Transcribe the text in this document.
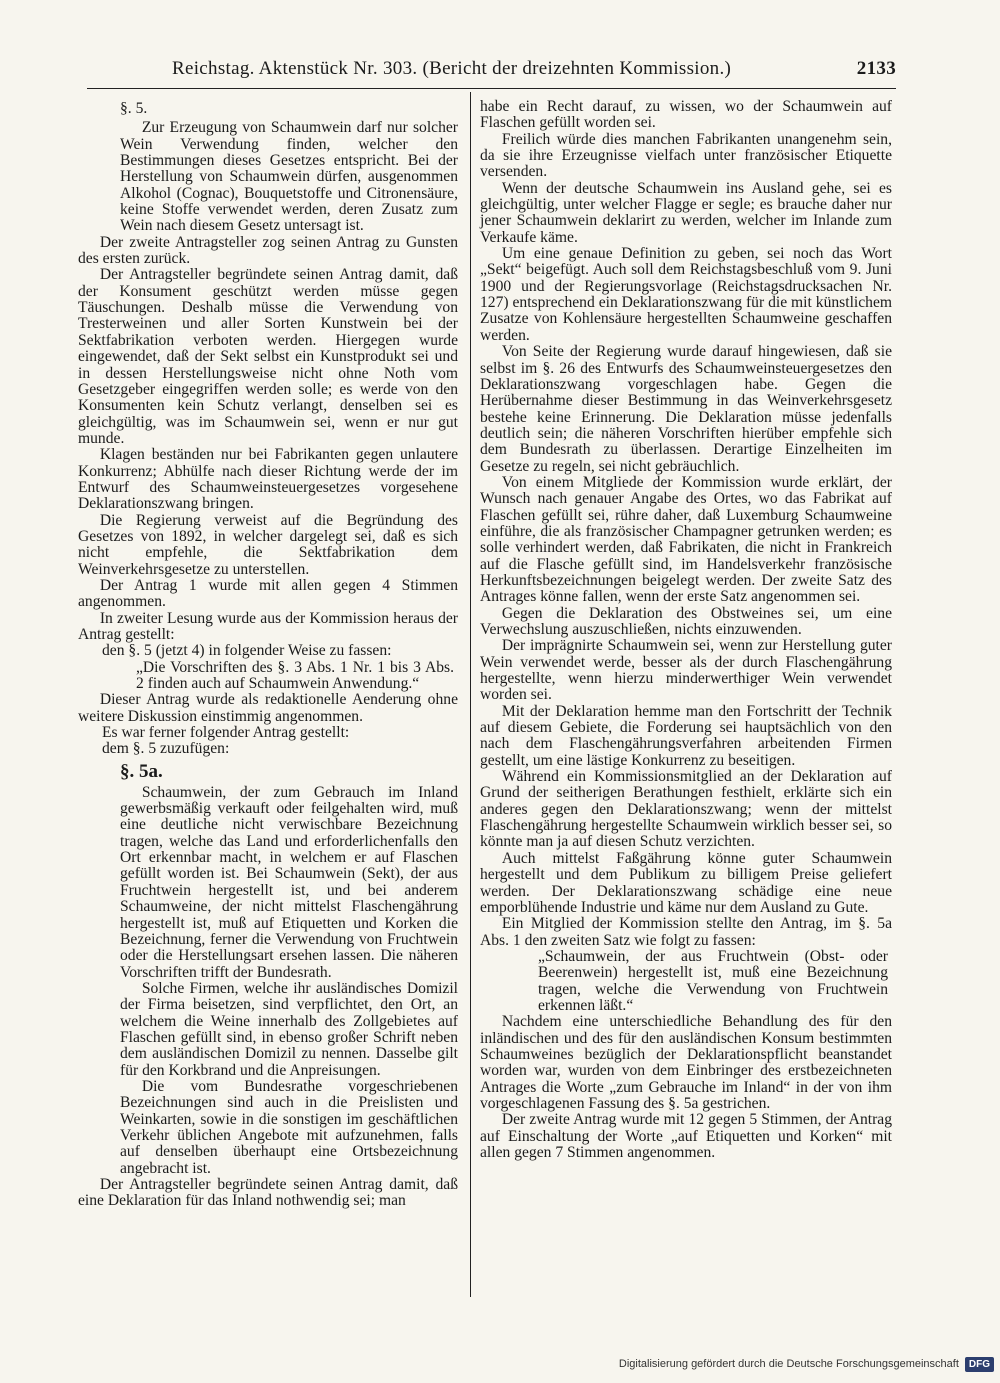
Reichstag. Aktenstück Nr. 303. (Bericht der dreizehnten Kommission.)	2133

§. 5.

Zur Erzeugung von Schaumwein darf nur solcher Wein Verwendung finden, welcher den Bestimmungen dieses Gesetzes entspricht. Bei der Herstellung von Schaumwein dürfen, ausgenommen Alkohol (Cognac), Bouquetstoffe und Citronensäure, keine Stoffe verwendet werden, deren Zusatz zum Wein nach diesem Gesetz untersagt ist.

Der zweite Antragsteller zog seinen Antrag zu Gunsten des ersten zurück.

Der Antragsteller begründete seinen Antrag damit, daß der Konsument geschützt werden müsse gegen Täuschungen. Deshalb müsse die Verwendung von Tresterweinen und aller Sorten Kunstwein bei der Sektfabrikation verboten werden. Hiergegen wurde eingewendet, daß der Sekt selbst ein Kunstprodukt sei und in dessen Herstellungsweise nicht ohne Noth vom Gesetzgeber eingegriffen werden solle; es werde von den Konsumenten kein Schutz verlangt, denselben sei es gleichgültig, was im Schaumwein sei, wenn er nur gut munde.

Klagen beständen nur bei Fabrikanten gegen unlautere Konkurrenz; Abhülfe nach dieser Richtung werde der im Entwurf des Schaumweinsteuergesetzes vorgesehene Deklarationszwang bringen.

Die Regierung verweist auf die Begründung des Gesetzes von 1892, in welcher dargelegt sei, daß es sich nicht empfehle, die Sektfabrikation dem Weinverkehrsgesetze zu unterstellen.

Der Antrag 1 wurde mit allen gegen 4 Stimmen angenommen.

In zweiter Lesung wurde aus der Kommission heraus der Antrag gestellt:

den §. 5 (jetzt 4) in folgender Weise zu fassen:

„Die Vorschriften des §. 3 Abs. 1 Nr. 1 bis 3 Abs. 2 finden auch auf Schaumwein Anwendung.“

Dieser Antrag wurde als redaktionelle Aenderung ohne weitere Diskussion einstimmig angenommen.

Es war ferner folgender Antrag gestellt:

dem §. 5 zuzufügen:

§. 5a.

Schaumwein, der zum Gebrauch im Inland gewerbsmäßig verkauft oder feilgehalten wird, muß eine deutliche nicht verwischbare Bezeichnung tragen, welche das Land und erforderlichenfalls den Ort erkennbar macht, in welchem er auf Flaschen gefüllt worden ist. Bei Schaumwein (Sekt), der aus Fruchtwein hergestellt ist, und bei anderem Schaumweine, der nicht mittelst Flaschengährung hergestellt ist, muß auf Etiquetten und Korken die Bezeichnung, ferner die Verwendung von Fruchtwein oder die Herstellungsart ersehen lassen. Die näheren Vorschriften trifft der Bundesrath.

Solche Firmen, welche ihr ausländisches Domizil der Firma beisetzen, sind verpflichtet, den Ort, an welchem die Weine innerhalb des Zollgebietes auf Flaschen gefüllt sind, in ebenso großer Schrift neben dem ausländischen Domizil zu nennen. Dasselbe gilt für den Korkbrand und die Anpreisungen.

Die vom Bundesrathe vorgeschriebenen Bezeichnungen sind auch in die Preislisten und Weinkarten, sowie in die sonstigen im geschäftlichen Verkehr üblichen Angebote mit aufzunehmen, falls auf denselben überhaupt eine Ortsbezeichnung angebracht ist.

Der Antragsteller begründete seinen Antrag damit, daß eine Deklaration für das Inland nothwendig sei; man

habe ein Recht darauf, zu wissen, wo der Schaumwein auf Flaschen gefüllt worden sei.

Freilich würde dies manchen Fabrikanten unangenehm sein, da sie ihre Erzeugnisse vielfach unter französischer Etiquette versenden.

Wenn der deutsche Schaumwein ins Ausland gehe, sei es gleichgültig, unter welcher Flagge er segle; es brauche daher nur jener Schaumwein deklarirt zu werden, welcher im Inlande zum Verkaufe käme.

Um eine genaue Definition zu geben, sei noch das Wort „Sekt“ beigefügt. Auch soll dem Reichstagsbeschluß vom 9. Juni 1900 und der Regierungsvorlage (Reichstagsdrucksachen Nr. 127) entsprechend ein Deklarationszwang für die mit künstlichem Zusatze von Kohlensäure hergestellten Schaumweine geschaffen werden.

Von Seite der Regierung wurde darauf hingewiesen, daß sie selbst im §. 26 des Entwurfs des Schaumweinsteuergesetzes den Deklarationszwang vorgeschlagen habe. Gegen die Herübernahme dieser Bestimmung in das Weinverkehrsgesetz bestehe keine Erinnerung. Die Deklaration müsse jedenfalls deutlich sein; die näheren Vorschriften hierüber empfehle sich dem Bundesrath zu überlassen. Derartige Einzelheiten im Gesetze zu regeln, sei nicht gebräuchlich.

Von einem Mitgliede der Kommission wurde erklärt, der Wunsch nach genauer Angabe des Ortes, wo das Fabrikat auf Flaschen gefüllt sei, rühre daher, daß Luxemburg Schaumweine einführe, die als französischer Champagner getrunken werden; es solle verhindert werden, daß Fabrikaten, die nicht in Frankreich auf die Flasche gefüllt sind, im Handelsverkehr französische Herkunftsbezeichnungen beigelegt werden. Der zweite Satz des Antrages könne fallen, wenn der erste Satz angenommen sei.

Gegen die Deklaration des Obstweines sei, um eine Verwechslung auszuschließen, nichts einzuwenden.

Der imprägnirte Schaumwein sei, wenn zur Herstellung guter Wein verwendet werde, besser als der durch Flaschengährung hergestellte, wenn hierzu minderwerthiger Wein verwendet worden sei.

Mit der Deklaration hemme man den Fortschritt der Technik auf diesem Gebiete, die Forderung sei hauptsächlich von den nach dem Flaschengährungsverfahren arbeitenden Firmen gestellt, um eine lästige Konkurrenz zu beseitigen.

Während ein Kommissionsmitglied an der Deklaration auf Grund der seitherigen Berathungen festhielt, erklärte sich ein anderes gegen den Deklarationszwang; wenn der mittelst Flaschengährung hergestellte Schaumwein wirklich besser sei, so könnte man ja auf diesen Schutz verzichten.

Auch mittelst Faßgährung könne guter Schaumwein hergestellt und dem Publikum zu billigem Preise geliefert werden. Der Deklarationszwang schädige eine neue emporblühende Industrie und käme nur dem Ausland zu Gute.

Ein Mitglied der Kommission stellte den Antrag, im §. 5a Abs. 1 den zweiten Satz wie folgt zu fassen:

„Schaumwein, der aus Fruchtwein (Obst- oder Beerenwein) hergestellt ist, muß eine Bezeichnung tragen, welche die Verwendung von Fruchtwein erkennen läßt.“

Nachdem eine unterschiedliche Behandlung des für den inländischen und des für den ausländischen Konsum bestimmten Schaumweines bezüglich der Deklarationspflicht beanstandet worden war, wurden von dem Einbringer des erstbezeichneten Antrages die Worte „zum Gebrauche im Inland“ in der von ihm vorgeschlagenen Fassung des §. 5a gestrichen.

Der zweite Antrag wurde mit 12 gegen 5 Stimmen, der Antrag auf Einschaltung der Worte „auf Etiquetten und Korken“ mit allen gegen 7 Stimmen angenommen.

Digitalisierung gefördert durch die Deutsche Forschungsgemeinschaft	DFG
